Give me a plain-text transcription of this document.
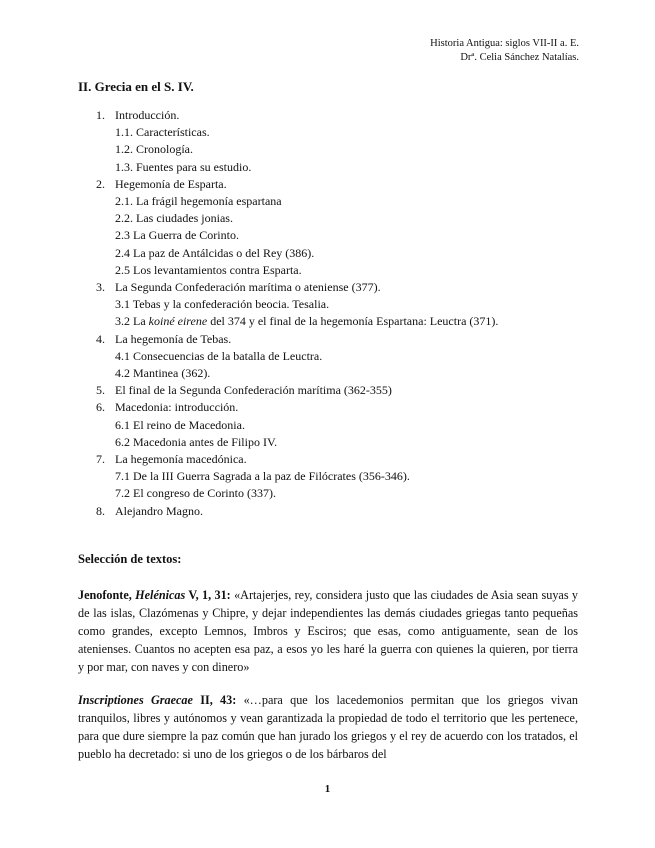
Historia Antigua: siglos VII-II a. E.
Drª. Celia Sánchez Natalías.
II. Grecia en el S. IV.
1. Introducción.
1.1. Características.
1.2. Cronología.
1.3. Fuentes para su estudio.
2. Hegemonía de Esparta.
2.1. La frágil hegemonía espartana
2.2. Las ciudades jonias.
2.3 La Guerra de Corinto.
2.4 La paz de Antálcidas o del Rey (386).
2.5 Los levantamientos contra Esparta.
3. La Segunda Confederación marítima o ateniense (377).
3.1 Tebas y la confederación beocia. Tesalia.
3.2 La koiné eirene del 374 y el final de la hegemonía Espartana: Leuctra (371).
4. La hegemonía de Tebas.
4.1 Consecuencias de la batalla de Leuctra.
4.2 Mantinea (362).
5. El final de la Segunda Confederación marítima (362-355)
6. Macedonia: introducción.
6.1 El reino de Macedonia.
6.2 Macedonia antes de Filipo IV.
7. La hegemonía macedónica.
7.1 De la III Guerra Sagrada a la paz de Filócrates (356-346).
7.2 El congreso de Corinto (337).
8. Alejandro Magno.
Selección de textos:
Jenofonte, Helénicas V, 1, 31: «Artajerjes, rey, considera justo que las ciudades de Asia sean suyas y de las islas, Clazómenas y Chipre, y dejar independientes las demás ciudades griegas tanto pequeñas como grandes, excepto Lemnos, Imbros y Esciros; que esas, como antiguamente, sean de los atenienses. Cuantos no acepten esa paz, a esos yo les haré la guerra con quienes la quieren, por tierra y por mar, con naves y con dinero»
Inscriptiones Graecae II, 43: «…para que los lacedemonios permitan que los griegos vivan tranquilos, libres y autónomos y vean garantizada la propiedad de todo el territorio que les pertenece, para que dure siempre la paz común que han jurado los griegos y el rey de acuerdo con los tratados, el pueblo ha decretado: si uno de los griegos o de los bárbaros del
1
